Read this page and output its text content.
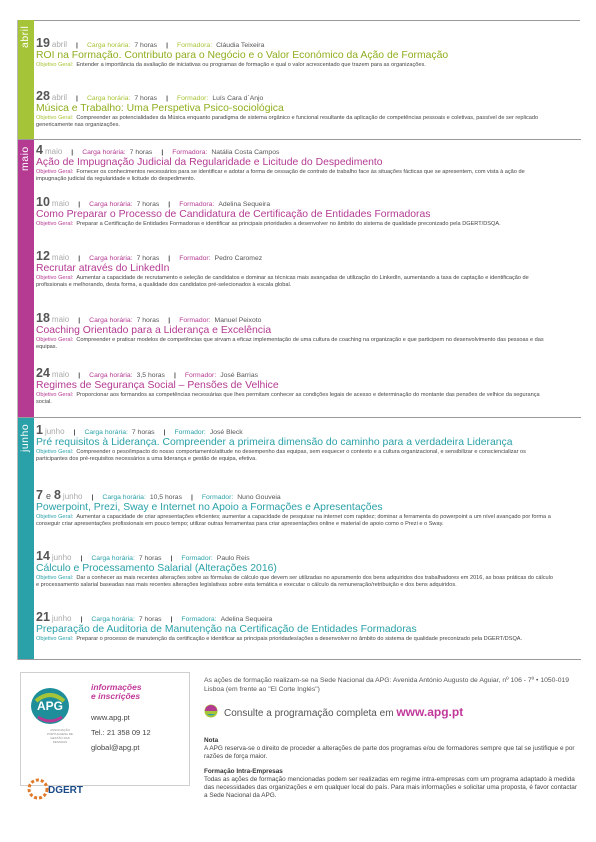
abril
maio
junho
19 abril | Carga horária: 7 horas | Formadora: Cláudia Teixeira
ROI na Formação. Contributo para o Negócio e o Valor Económico da Ação de Formação
Objetivo Geral: Entender a importância da avaliação de iniciativas ou programas de formação e qual o valor acrescentado que trazem para as organizações.
28 abril | Carga horária: 7 horas | Formador: Luís Cara d´Anjo
Música e Trabalho: Uma Perspetiva Psico-sociológica
Objetivo Geral: Compreender as potencialidades da Música enquanto paradigma de sistema orgânico e funcional resultante da aplicação de competências pessoais e coletivas, passível de ser replicado genericamente nas organizações.
4 maio | Carga horária: 7 horas | Formadora: Natália Costa Campos
Ação de Impugnação Judicial da Regularidade e Licitude do Despedimento
Objetivo Geral: Fornecer os conhecimentos necessários para se identificar e adotar a forma de cessação de contrato de trabalho face às situações fácticas que se apresentem, com vista à ação de impugnação judicial da regularidade e licitude do despedimento.
10 maio | Carga horária: 7 horas | Formadora: Adelina Sequeira
Como Preparar o Processo de Candidatura de Certificação de Entidades Formadoras
Objetivo Geral: Preparar a Certificação de Entidades Formadoras e identificar as principais prioridades a desenvolver no âmbito do sistema de qualidade preconizado pela DGERT/DSQA.
12 maio | Carga horária: 7 horas | Formador: Pedro Caromez
Recrutar através do LinkedIn
Objetivo Geral: Aumentar a capacidade de recrutamento e seleção de candidatos e dominar as técnicas mais avançadas de utilização do LinkedIn, aumentando a taxa de captação e identificação de profissionais e melhorando, desta forma, a qualidade dos candidatos pré-selecionados à escala global.
18 maio | Carga horária: 7 horas | Formador: Manuel Peixoto
Coaching Orientado para a Liderança e Excelência
Objetivo Geral: Compreender e praticar modelos de competências que sirvam a eficaz implementação de uma cultura de coaching na organização e que participem no desenvolvimento das pessoas e das equipas.
24 maio | Carga horária: 3,5 horas | Formador: José Barrias
Regimes de Segurança Social – Pensões de Velhice
Objetivo Geral: Proporcionar aos formandos as competências necessárias que lhes permitam conhecer as condições legais de acesso e determinação do montante das pensões de velhice da segurança social.
1 junho | Carga horária: 7 horas | Formador: José Bleck
Pré requisitos à Liderança. Compreender a primeira dimensão do caminho para a verdadeira Liderança
Objetivo Geral: Compreender o peso/impacto do nosso comportamento/atitude no desempenho das equipas, sem esquecer o contexto e a cultura organizacional, e sensibilizar e consciencializar os participantes dos pré-requisitos necessários a uma liderança e gestão de equipa, efetiva.
7 e 8 junho | Carga horária: 10,5 horas | Formador: Nuno Gouveia
Powerpoint, Prezi, Sway e Internet no Apoio a Formações e Apresentações
Objetivo Geral: Aumentar a capacidade de criar apresentações eficientes; aumentar a capacidade de pesquisar na internet com rapidez; dominar a ferramenta do powerpoint a um nível avançado por forma a conseguir criar apresentações profissionais em pouco tempo; utilizar outras ferramentas para criar apresentações online e material de apoio como o Prezi e o Sway.
14 junho | Carga horária: 7 horas | Formador: Paulo Reis
Cálculo e Processamento Salarial (Alterações 2016)
Objetivo Geral: Dar a conhecer as mais recentes alterações sobre as fórmulas de cálculo que devem ser utilizadas no apuramento dos bens adquiridos dos trabalhadores em 2016, as boas práticas do cálculo e processamento salarial baseadas nas mais recentes alterações legislativas sobre esta temática e executar o cálculo da remuneração/retribuição e dos bens adquiridos.
21 junho | Carga horária: 7 horas | Formadora: Adelina Sequeira
Preparação de Auditoria de Manutenção na Certificação de Entidades Formadoras
Objetivo Geral: Preparar o processo de manutenção da certificação e identificar as principais prioridades/ações a desenvolver no âmbito do sistema de qualidade preconizado pela DGERT/DSQA.
APG
ASSOCIAÇÃO PORTUGUESA DE GESTÃO DAS PESSOAS
informações
e inscrições
www.apg.pt
Tel.: 21 358 09 12
global@apg.pt
As ações de formação realizam-se na Sede Nacional da APG: Avenida António Augusto de Aguiar, nº 106 - 7º • 1050-019 Lisboa (em frente ao "El Corte Inglés")
Consulte a programação completa em www.apg.pt
Nota
A APG reserva-se o direito de proceder a alterações de parte dos programas e/ou de formadores sempre que tal se justifique e por razões de força maior.
Formação Intra-Empresas
Todas as ações de formação mencionadas podem ser realizadas em regime intra-empresas com um programa adaptado à medida das necessidades das organizações e em qualquer local do país. Para mais informações e solicitar uma proposta, é favor contactar a Sede Nacional da APG.
DGERT
